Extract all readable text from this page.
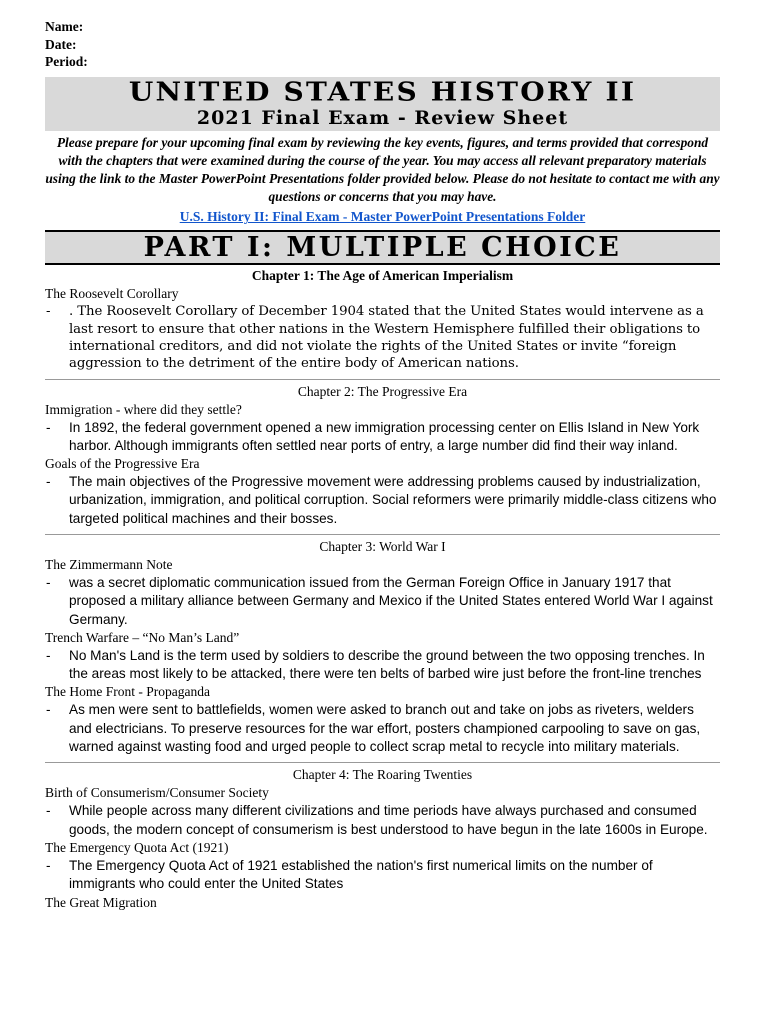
Name:
Date:
Period:
UNITED STATES HISTORY II
2021 Final Exam - Review Sheet
Please prepare for your upcoming final exam by reviewing the key events, figures, and terms provided that correspond with the chapters that were examined during the course of the year. You may access all relevant preparatory materials using the link to the Master PowerPoint Presentations folder provided below. Please do not hesitate to contact me with any questions or concerns that you may have.
U.S. History II: Final Exam - Master PowerPoint Presentations Folder
PART I: MULTIPLE CHOICE
Chapter 1: The Age of American Imperialism
The Roosevelt Corollary
- . The Roosevelt Corollary of December 1904 stated that the United States would intervene as a last resort to ensure that other nations in the Western Hemisphere fulfilled their obligations to international creditors, and did not violate the rights of the United States or invite “foreign aggression to the detriment of the entire body of American nations.
Chapter 2: The Progressive Era
Immigration - where did they settle?
- In 1892, the federal government opened a new immigration processing center on Ellis Island in New York harbor. Although immigrants often settled near ports of entry, a large number did find their way inland.
Goals of the Progressive Era
- The main objectives of the Progressive movement were addressing problems caused by industrialization, urbanization, immigration, and political corruption. Social reformers were primarily middle-class citizens who targeted political machines and their bosses.
Chapter 3: World War I
The Zimmermann Note
- was a secret diplomatic communication issued from the German Foreign Office in January 1917 that proposed a military alliance between Germany and Mexico if the United States entered World War I against Germany.
Trench Warfare – “No Man’s Land”
- No Man's Land is the term used by soldiers to describe the ground between the two opposing trenches. In the areas most likely to be attacked, there were ten belts of barbed wire just before the front-line trenches
The Home Front - Propaganda
- As men were sent to battlefields, women were asked to branch out and take on jobs as riveters, welders and electricians. To preserve resources for the war effort, posters championed carpooling to save on gas, warned against wasting food and urged people to collect scrap metal to recycle into military materials.
Chapter 4: The Roaring Twenties
Birth of Consumerism/Consumer Society
- While people across many different civilizations and time periods have always purchased and consumed goods, the modern concept of consumerism is best understood to have begun in the late 1600s in Europe.
The Emergency Quota Act (1921)
- The Emergency Quota Act of 1921 established the nation's first numerical limits on the number of immigrants who could enter the United States
The Great Migration
